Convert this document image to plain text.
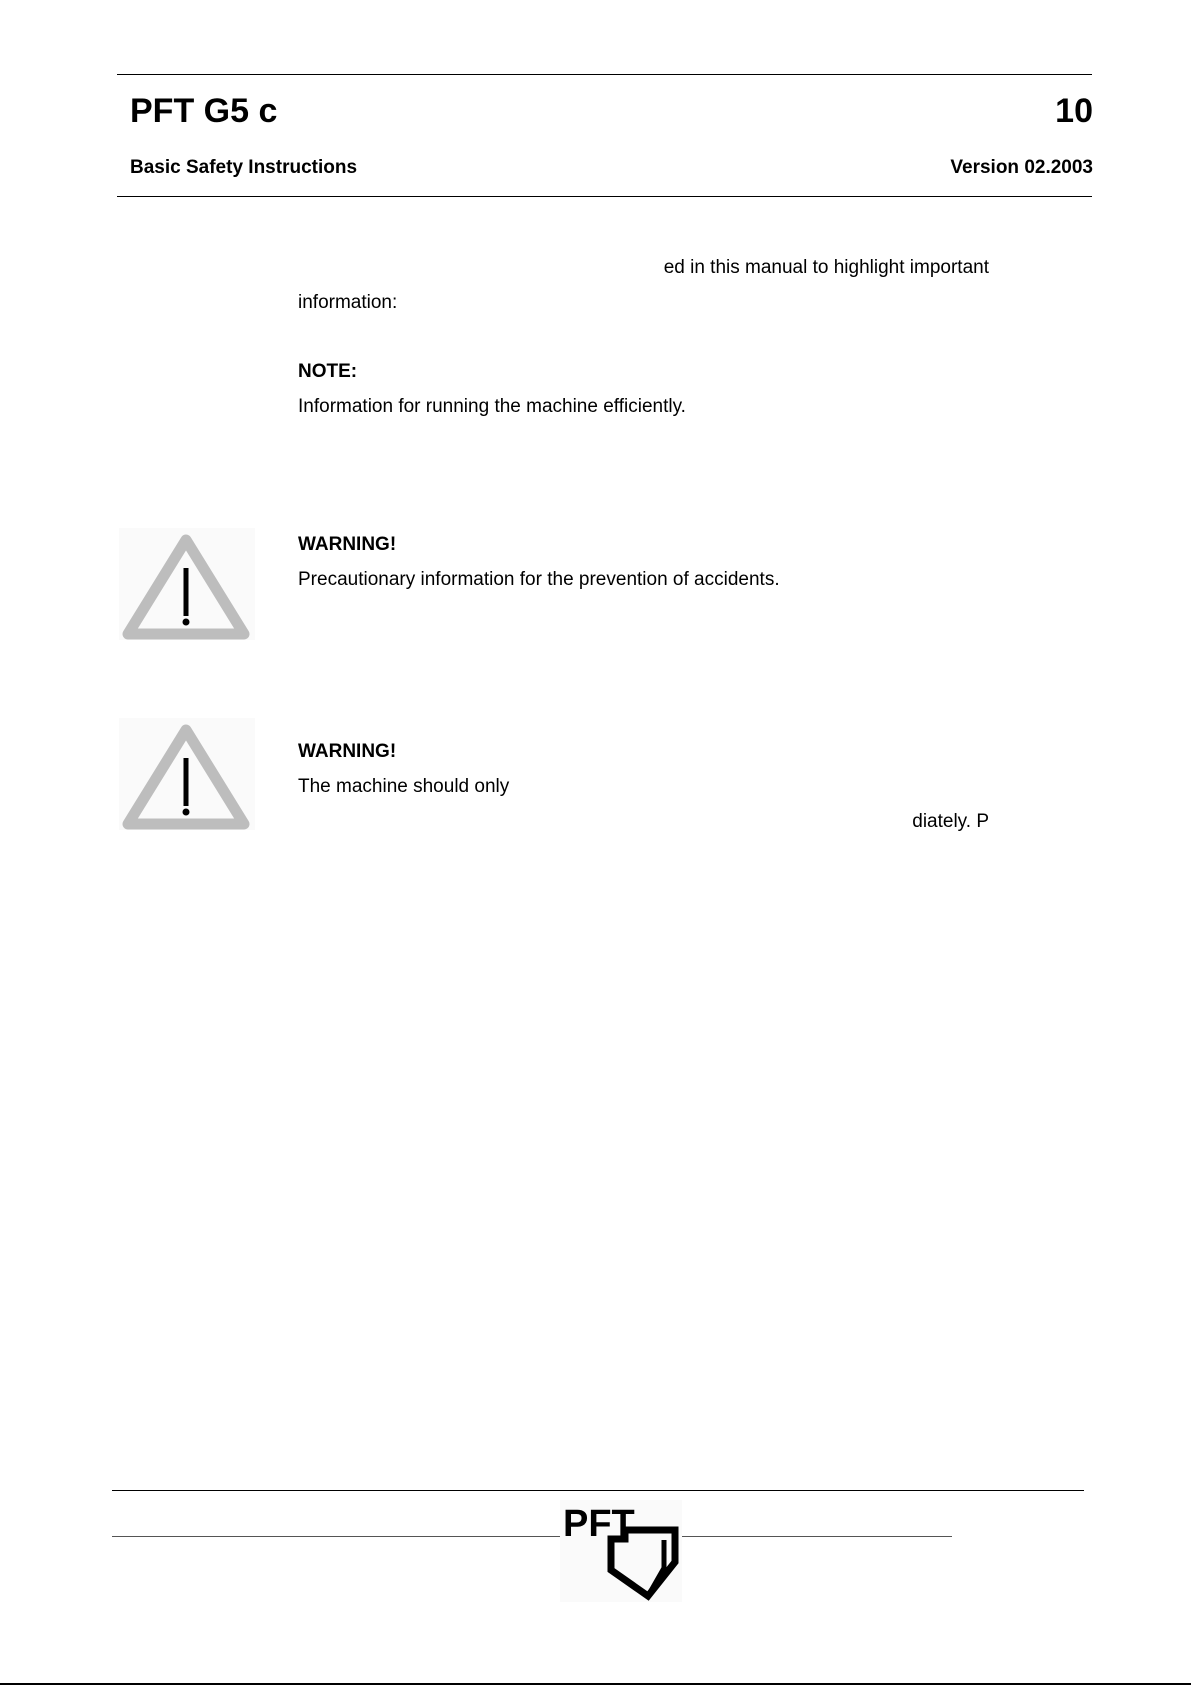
PFT G5 c	10
Basic Safety Instructions	Version 02.2003
ed in this manual to highlight important
information:
NOTE:
Information for running the machine efficiently.
WARNING!
Precautionary information for the prevention of accidents.
WARNING!
The machine should only
diately. P
PFT
